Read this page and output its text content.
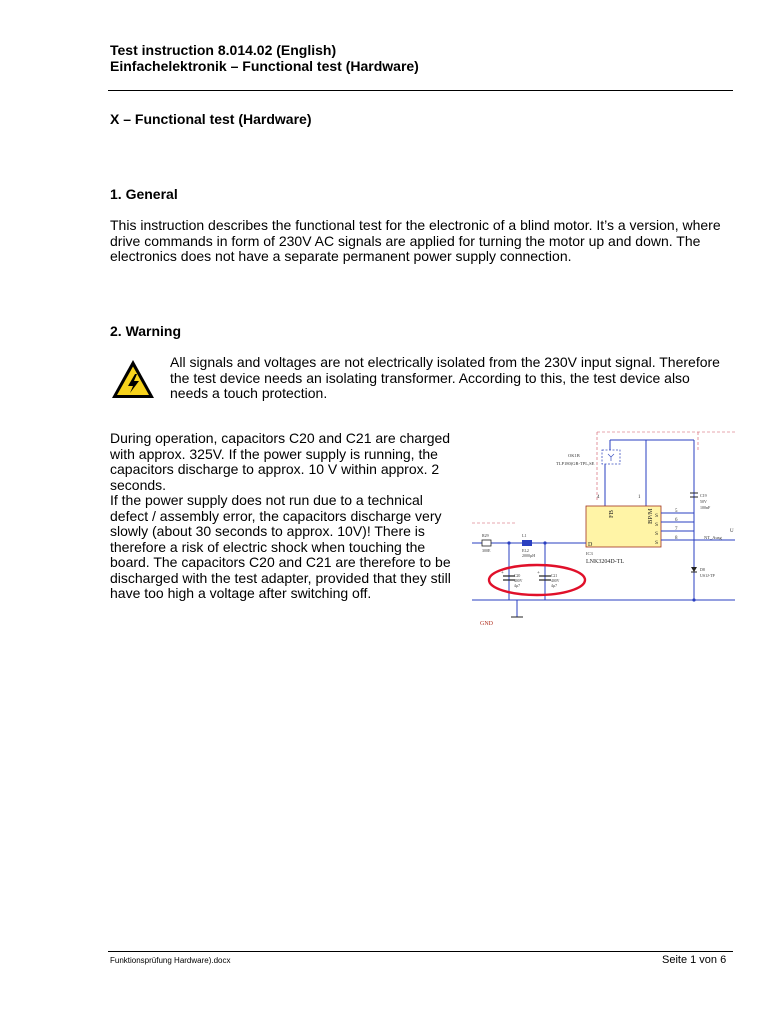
Test instruction 8.014.02 (English)
Einfachelektronik – Functional test (Hardware)
X – Functional test (Hardware)
1. General

This instruction describes the functional test for the electronic of a blind motor. It’s a version, where
drive commands in form of 230V AC signals are applied for turning the motor up and down. The
electronics does not have a separate permanent power supply connection.

2. Warning

All signals and voltages are not electrically isolated from the 230V input signal. Therefore
the test device needs an isolating transformer. According to this, the test device also
needs a touch protection.

During operation, capacitors C20 and C21 are charged
with approx. 325V. If the power supply is running, the
capacitors discharge to approx. 10 V within approx. 2
seconds.
If the power supply does not run due to a technical
defect / assembly error, the capacitors discharge very
slowly (about 30 seconds to approx. 10V)! There is
therefore a risk of electric shock when touching the
board. The capacitors C20 and C21 are therefore to be
discharged with the test adapter, provided that they still
have too high a voltage after switching off.

OK1B
TLP180(GR-TPL,SE
4	1
FB	BP/M
D
S
S
S
S
IC3
LNK3204D-TL
5
6
7
8	NT_Ausg
U
C19
50V
100nF
D8
US1J-TP
R29
300E
L1
EL2
2000µH
+	+
C20
400V
4µ7
C21
400V
4µ7
GND
Funktionsprüfung Hardware).docx	Seite 1 von 6
